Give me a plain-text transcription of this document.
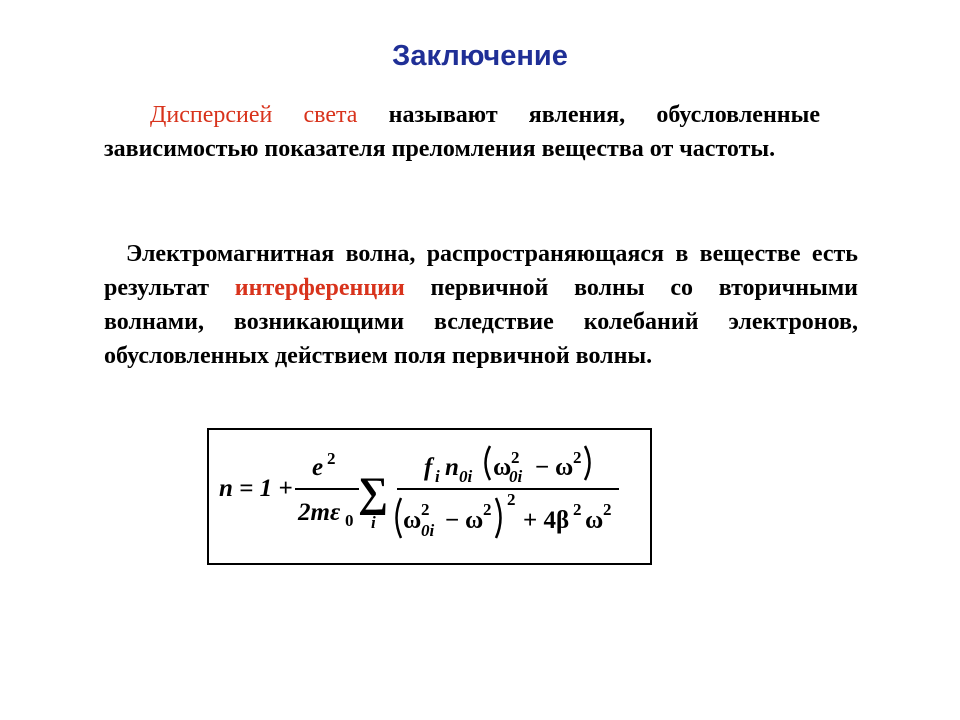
Заключение

Дисперсией света называют явления, обусловленные зависимостью показателя преломления вещества от частоты.

Электромагнитная волна, распространяющаяся в веществе есть результат интерференции первичной волны со вторичными волнами, возникающими вследствие колебаний электронов, обусловленных действием поля первичной волны.

n = 1 +
e 2
2mε 0
∑
i
f i n 0i ω 2
0i − ω 2
ω 2
0i − ω 2
2
+ 4β 2 ω 2
